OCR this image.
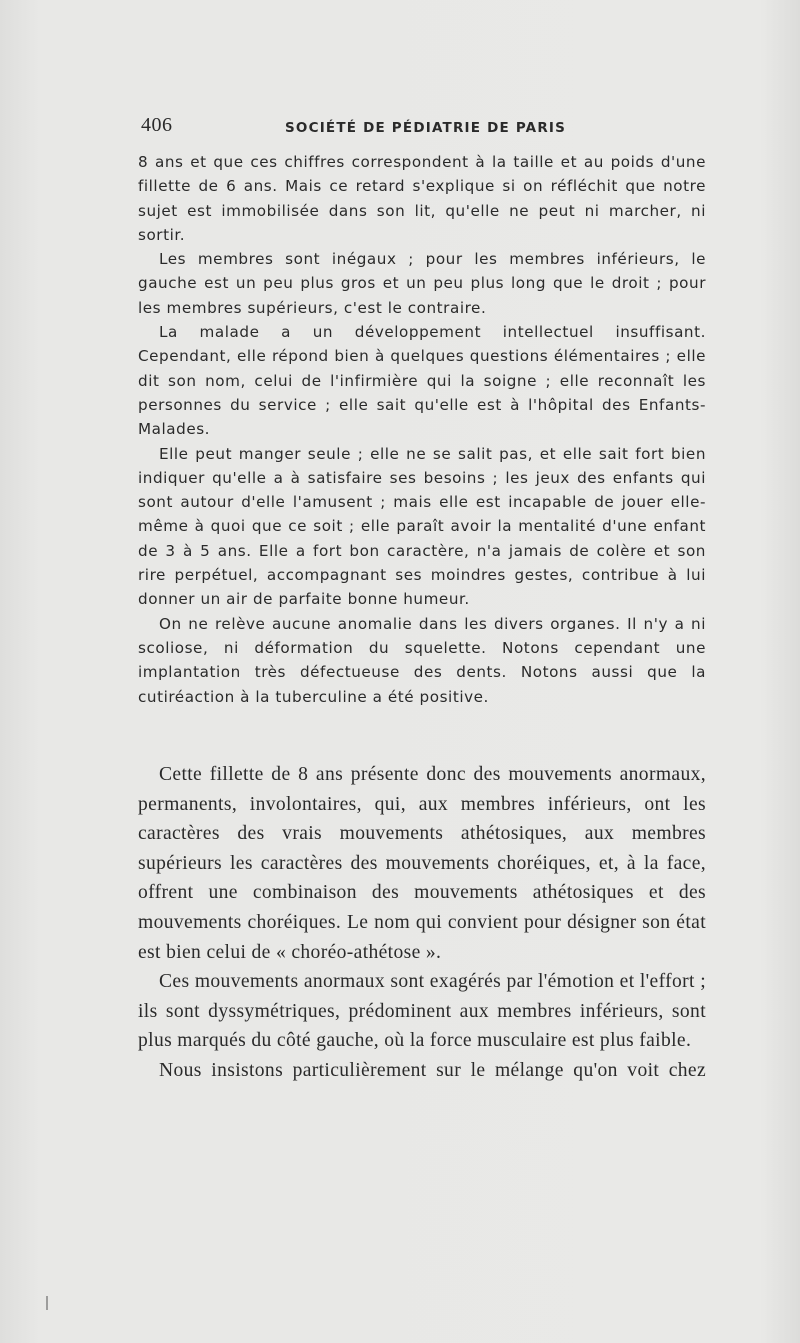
406	SOCIÉTÉ DE PÉDIATRIE DE PARIS

8 ans et que ces chiffres correspondent à la taille et au poids d'une fillette de 6 ans. Mais ce retard s'explique si on réfléchit que notre sujet est immobilisée dans son lit, qu'elle ne peut ni marcher, ni sortir.

Les membres sont inégaux ; pour les membres inférieurs, le gauche est un peu plus gros et un peu plus long que le droit ; pour les membres supérieurs, c'est le contraire.

La malade a un développement intellectuel insuffisant. Cependant, elle répond bien à quelques questions élémentaires ; elle dit son nom, celui de l'infirmière qui la soigne ; elle reconnaît les personnes du service ; elle sait qu'elle est à l'hôpital des Enfants-Malades.

Elle peut manger seule ; elle ne se salit pas, et elle sait fort bien indiquer qu'elle a à satisfaire ses besoins ; les jeux des enfants qui sont autour d'elle l'amusent ; mais elle est incapable de jouer elle-même à quoi que ce soit ; elle paraît avoir la mentalité d'une enfant de 3 à 5 ans. Elle a fort bon caractère, n'a jamais de colère et son rire perpétuel, accompagnant ses moindres gestes, contribue à lui donner un air de parfaite bonne humeur.

On ne relève aucune anomalie dans les divers organes. Il n'y a ni scoliose, ni déformation du squelette. Notons cependant une implantation très défectueuse des dents. Notons aussi que la cutiréaction à la tuberculine a été positive.

Cette fillette de 8 ans présente donc des mouvements anormaux, permanents, involontaires, qui, aux membres inférieurs, ont les caractères des vrais mouvements athétosiques, aux membres supérieurs les caractères des mouvements choréiques, et, à la face, offrent une combinaison des mouvements athétosiques et des mouvements choréiques. Le nom qui convient pour désigner son état est bien celui de « choréo-athétose ».

Ces mouvements anormaux sont exagérés par l'émotion et l'effort ; ils sont dyssymétriques, prédominent aux membres inférieurs, sont plus marqués du côté gauche, où la force musculaire est plus faible.

Nous insistons particulièrement sur le mélange qu'on voit chez
